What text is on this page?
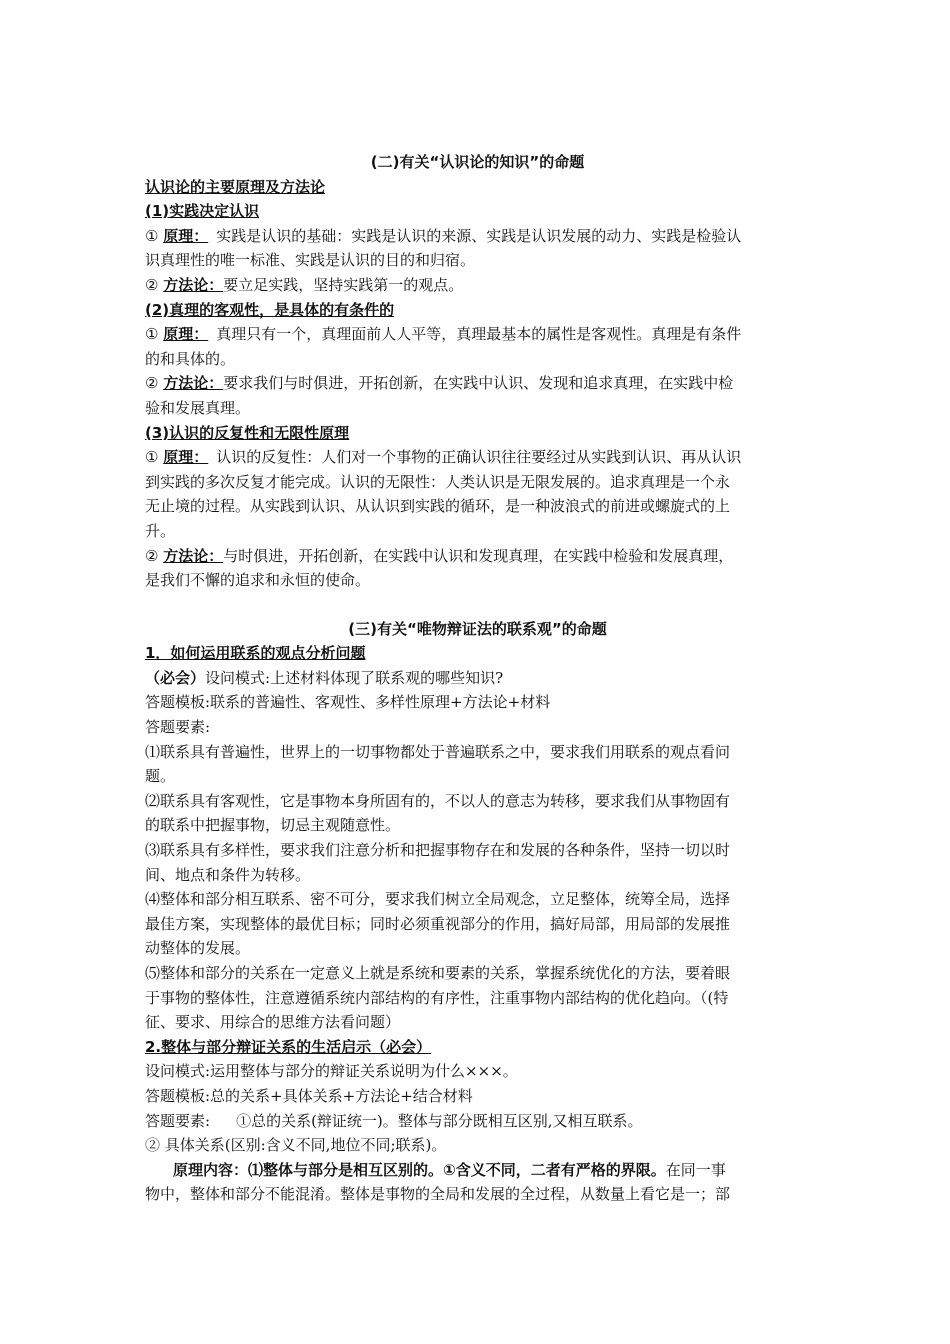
(二)有关“认识论的知识”的命题
认识论的主要原理及方法论
(1)实践决定认识
① 原理： 实践是认识的基础：实践是认识的来源、实践是认识发展的动力、实践是检验认
识真理性的唯一标准、实践是认识的目的和归宿。
② 方法论：要立足实践，坚持实践第一的观点。
(2)真理的客观性，是具体的有条件的
① 原理： 真理只有一个，真理面前人人平等，真理最基本的属性是客观性。真理是有条件
的和具体的。
② 方法论：要求我们与时俱进，开拓创新，在实践中认识、发现和追求真理，在实践中检
验和发展真理。
(3)认识的反复性和无限性原理
① 原理： 认识的反复性：人们对一个事物的正确认识往往要经过从实践到认识、再从认识
到实践的多次反复才能完成。认识的无限性：人类认识是无限发展的。追求真理是一个永
无止境的过程。从实践到认识、从认识到实践的循环，是一种波浪式的前进或螺旋式的上
升。
② 方法论：与时俱进，开拓创新，在实践中认识和发现真理，在实践中检验和发展真理，
是我们不懈的追求和永恒的使命。
(三)有关“唯物辩证法的联系观”的命题
1．如何运用联系的观点分析问题
（必会）设问模式:上述材料体现了联系观的哪些知识?
答题模板:联系的普遍性、客观性、多样性原理+方法论+材料
答题要素:
⑴联系具有普遍性，世界上的一切事物都处于普遍联系之中，要求我们用联系的观点看问
题。
⑵联系具有客观性，它是事物本身所固有的，不以人的意志为转移，要求我们从事物固有
的联系中把握事物，切忌主观随意性。
⑶联系具有多样性，要求我们注意分析和把握事物存在和发展的各种条件，坚持一切以时
间、地点和条件为转移。
⑷整体和部分相互联系、密不可分，要求我们树立全局观念，立足整体，统筹全局，选择
最佳方案，实现整体的最优目标；同时必须重视部分的作用，搞好局部，用局部的发展推
动整体的发展。
⑸整体和部分的关系在一定意义上就是系统和要素的关系，掌握系统优化的方法，要着眼
于事物的整体性，注意遵循系统内部结构的有序性，注重事物内部结构的优化趋向。（(特
征、要求、用综合的思维方法看问题）
2.整体与部分辩证关系的生活启示（必会）
设问模式:运用整体与部分的辩证关系说明为什么×××。
答题模板:总的关系+具体关系+方法论+结合材料
答题要素: ①总的关系(辩证统一)。整体与部分既相互区别,又相互联系。
② 具体关系(区别:含义不同,地位不同;联系)。
原理内容：⑴整体与部分是相互区别的。①含义不同，二者有严格的界限。在同一事
物中，整体和部分不能混淆。整体是事物的全局和发展的全过程，从数量上看它是一；部
